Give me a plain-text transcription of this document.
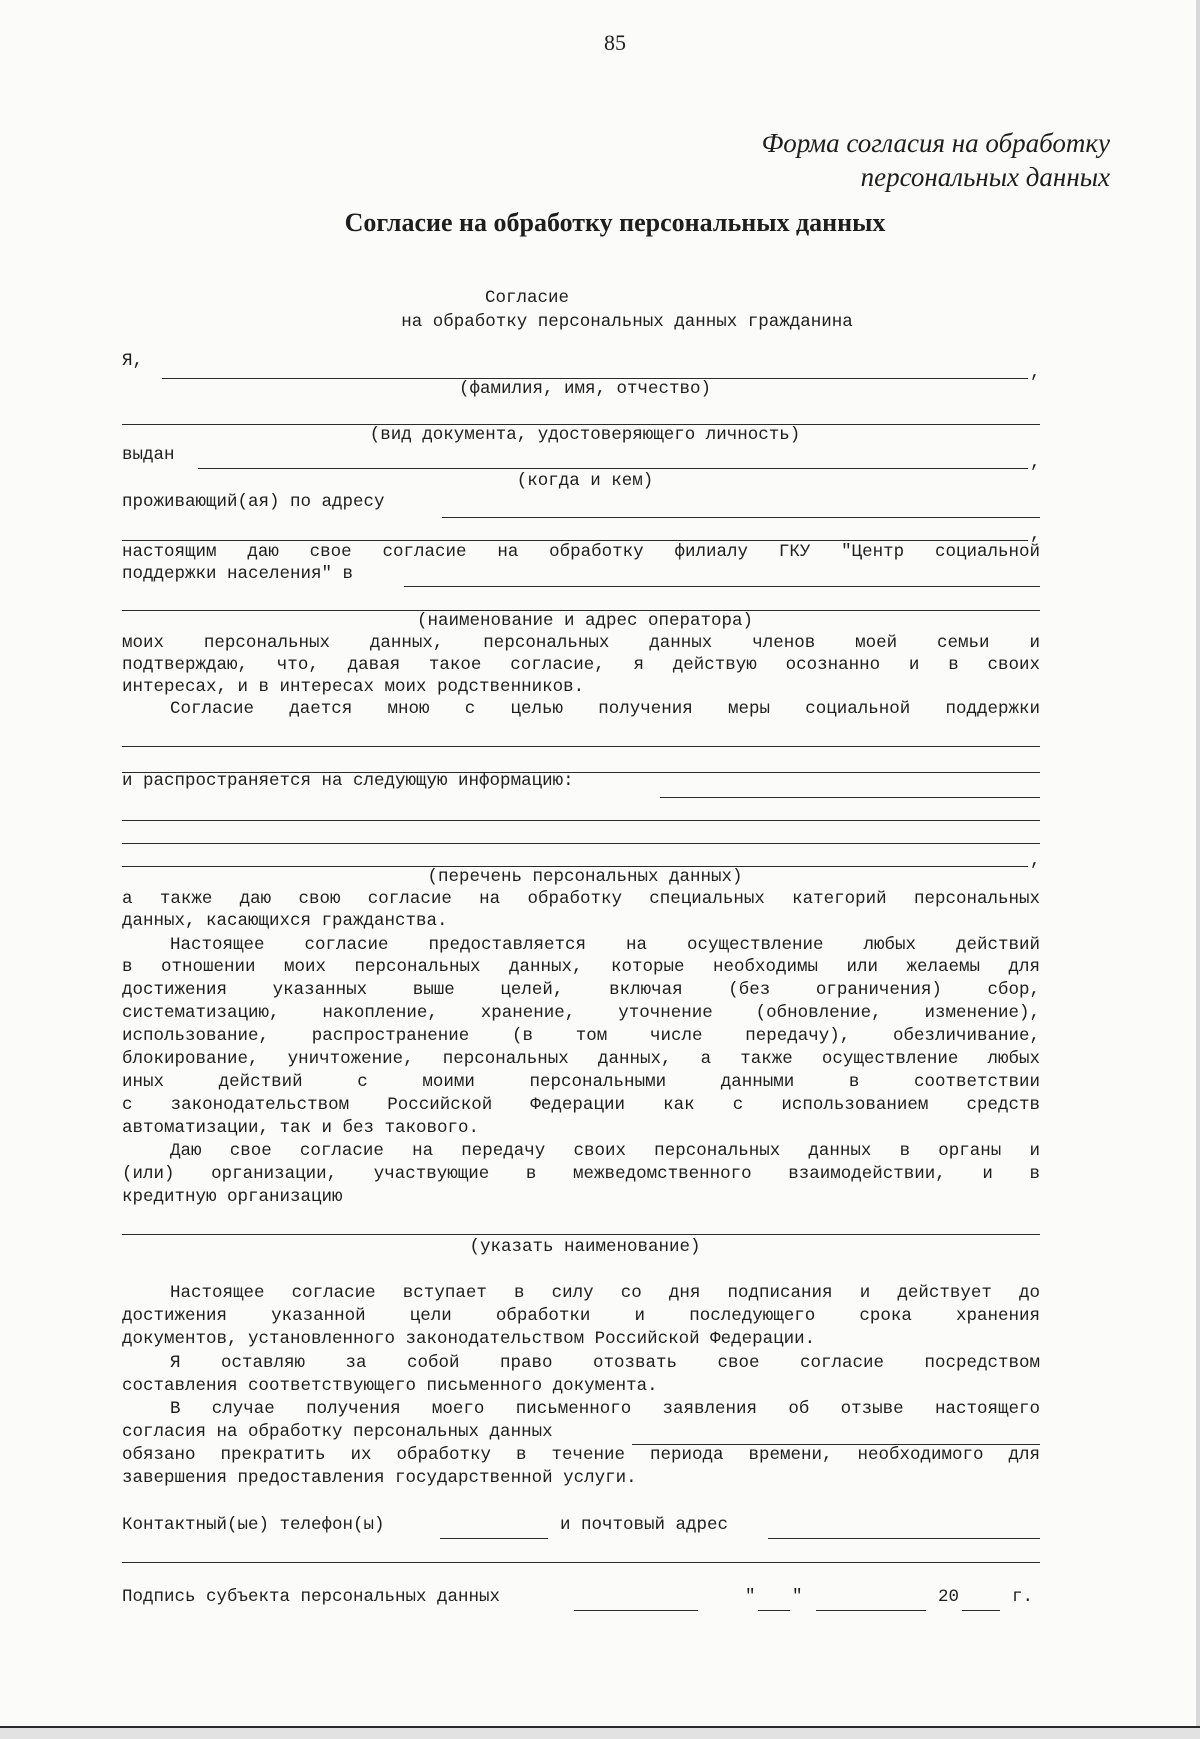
85
Форма согласия на обработку
персональных данных
Согласие на обработку персональных данных
Согласие
на обработку персональных данных гражданина
Я,
,
(фамилия, имя, отчество)
(вид документа, удостоверяющего личность)
выдан	,
(когда и кем)
проживающий(ая) по адресу
,
настоящим даю свое согласие на обработку филиалу ГКУ "Центр социальной
поддержки населения" в
(наименование и адрес оператора)
моих персональных данных, персональных данных членов моей семьи и
подтверждаю, что, давая такое согласие, я действую осознанно и в своих
интересах, и в интересах моих родственников.
Согласие дается мною с целью получения меры социальной поддержки
и распространяется на следующую информацию:
,
(перечень персональных данных)
а также даю свою согласие на обработку специальных категорий персональных
данных, касающихся гражданства.
Настоящее согласие предоставляется на осуществление любых действий
в отношении моих персональных данных, которые необходимы или желаемы для
достижения указанных выше целей, включая (без ограничения) сбор,
систематизацию, накопление, хранение, уточнение (обновление, изменение),
использование, распространение (в том числе передачу), обезличивание,
блокирование, уничтожение, персональных данных, а также осуществление любых
иных действий с моими персональными данными в соответствии
с законодательством Российской Федерации как с использованием средств
автоматизации, так и без такового.
Даю свое согласие на передачу своих персональных данных в органы и
(или) организации, участвующие в межведомственного взаимодействии, и в
кредитную организацию
(указать наименование)
Настоящее согласие вступает в силу со дня подписания и действует до
достижения указанной цели обработки и последующего срока хранения
документов, установленного законодательством Российской Федерации.
Я оставляю за собой право отозвать свое согласие посредством
составления соответствующего письменного документа.
В случае получения моего письменного заявления об отзыве настоящего
согласия на обработку персональных данных
обязано прекратить их обработку в течение периода времени, необходимого для
завершения предоставления государственной услуги.
Контактный(ые) телефон(ы)	и почтовый адрес
Подпись субъекта персональных данных	" "	20	г.
